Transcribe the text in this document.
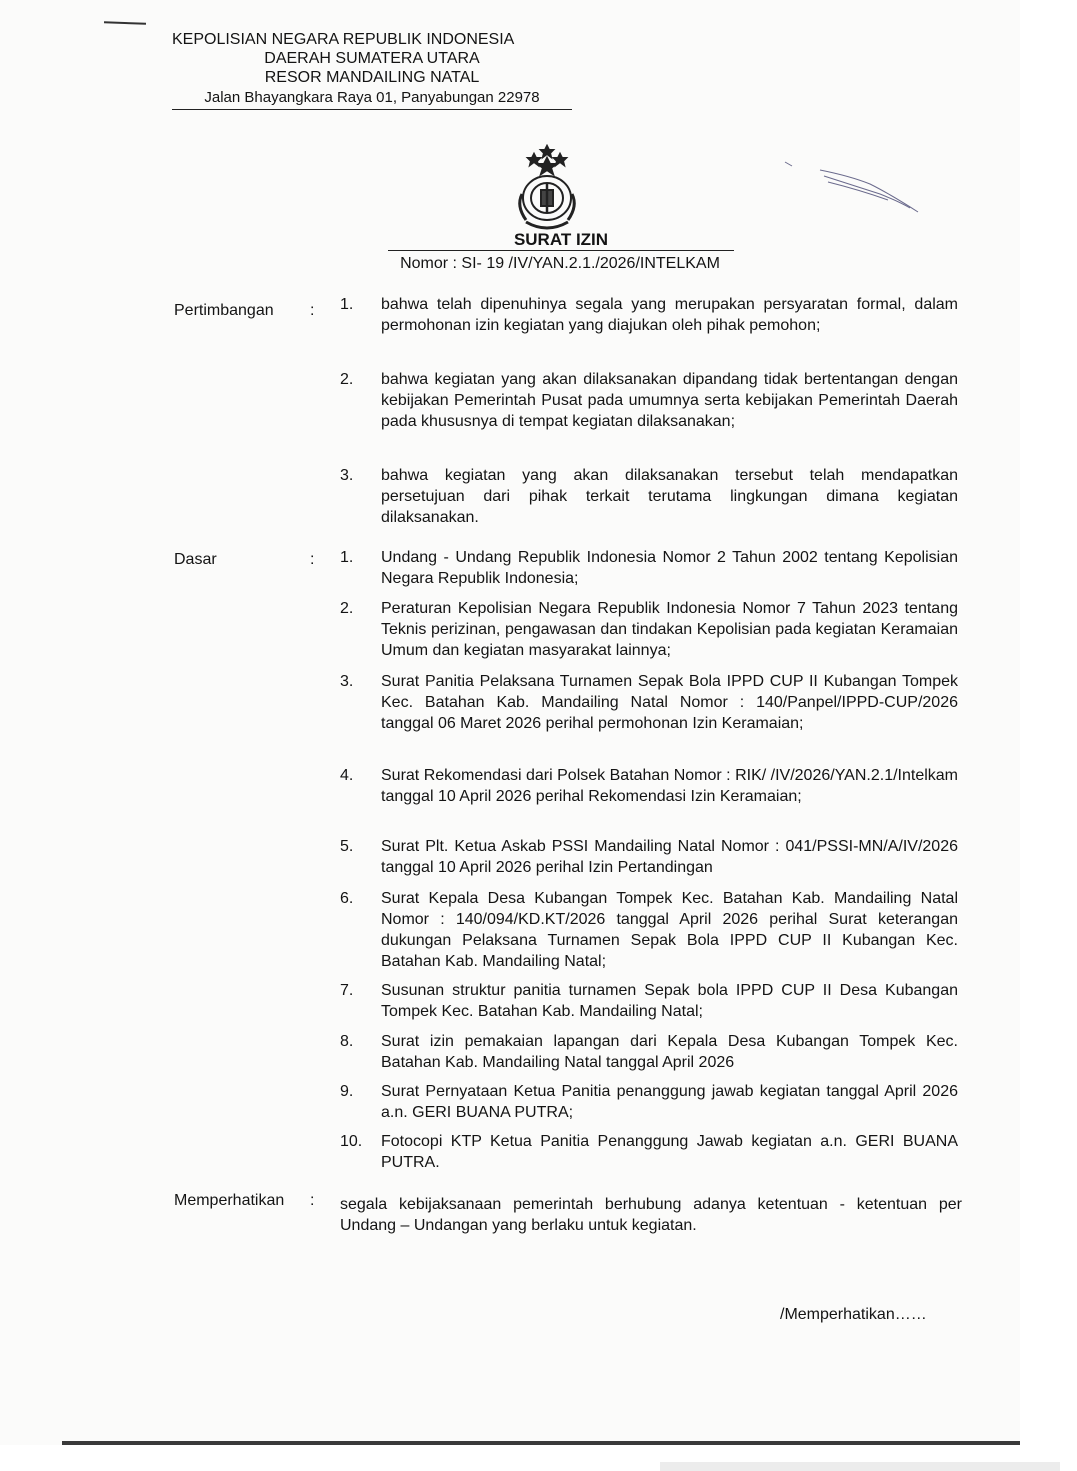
KEPOLISIAN NEGARA REPUBLIK INDONESIA
DAERAH SUMATERA UTARA
RESOR MANDAILING NATAL
Jalan Bhayangkara Raya 01, Panyabungan 22978
SURAT IZIN
Nomor : SI- 19 /IV/YAN.2.1./2026/INTELKAM
Pertimbangan : 1.	bahwa telah dipenuhinya segala yang merupakan persyaratan formal, dalam permohonan izin kegiatan yang diajukan oleh pihak pemohon;
2.	bahwa kegiatan yang akan dilaksanakan dipandang tidak bertentangan dengan kebijakan Pemerintah Pusat pada umumnya serta kebijakan Pemerintah Daerah pada khususnya di tempat kegiatan dilaksanakan;
3.	bahwa kegiatan yang akan dilaksanakan tersebut telah mendapatkan persetujuan dari pihak terkait terutama lingkungan dimana kegiatan dilaksanakan.
Dasar	: 1.	Undang - Undang Republik Indonesia Nomor 2 Tahun 2002 tentang Kepolisian Negara Republik Indonesia;
2.	Peraturan Kepolisian Negara Republik Indonesia Nomor 7 Tahun 2023 tentang Teknis perizinan, pengawasan dan tindakan Kepolisian pada kegiatan Keramaian Umum dan kegiatan masyarakat lainnya;
3.	Surat Panitia Pelaksana Turnamen Sepak Bola IPPD CUP II Kubangan Tompek Kec. Batahan Kab. Mandailing Natal Nomor : 140/Panpel/IPPD-CUP/2026 tanggal 06 Maret 2026 perihal permohonan Izin Keramaian;
4.	Surat Rekomendasi dari Polsek Batahan Nomor : RIK/ /IV/2026/YAN.2.1/Intelkam tanggal 10 April 2026 perihal Rekomendasi Izin Keramaian;
5.	Surat Plt. Ketua Askab PSSI Mandailing Natal Nomor : 041/PSSI-MN/A/IV/2026 tanggal 10 April 2026 perihal Izin Pertandingan
6.	Surat Kepala Desa Kubangan Tompek Kec. Batahan Kab. Mandailing Natal Nomor : 140/094/KD.KT/2026 tanggal April 2026 perihal Surat keterangan dukungan Pelaksana Turnamen Sepak Bola IPPD CUP II Kubangan Kec. Batahan Kab. Mandailing Natal;
7.	Susunan struktur panitia turnamen Sepak bola IPPD CUP II Desa Kubangan Tompek Kec. Batahan Kab. Mandailing Natal;
8.	Surat izin pemakaian lapangan dari Kepala Desa Kubangan Tompek Kec. Batahan Kab. Mandailing Natal tanggal April 2026
9.	Surat Pernyataan Ketua Panitia penanggung jawab kegiatan tanggal April 2026 a.n. GERI BUANA PUTRA;
10.	Fotocopi KTP Ketua Panitia Penanggung Jawab kegiatan a.n. GERI BUANA PUTRA.
Memperhatikan : segala kebijaksanaan pemerintah berhubung adanya ketentuan - ketentuan per Undang – Undangan yang berlaku untuk kegiatan.
/Memperhatikan……
